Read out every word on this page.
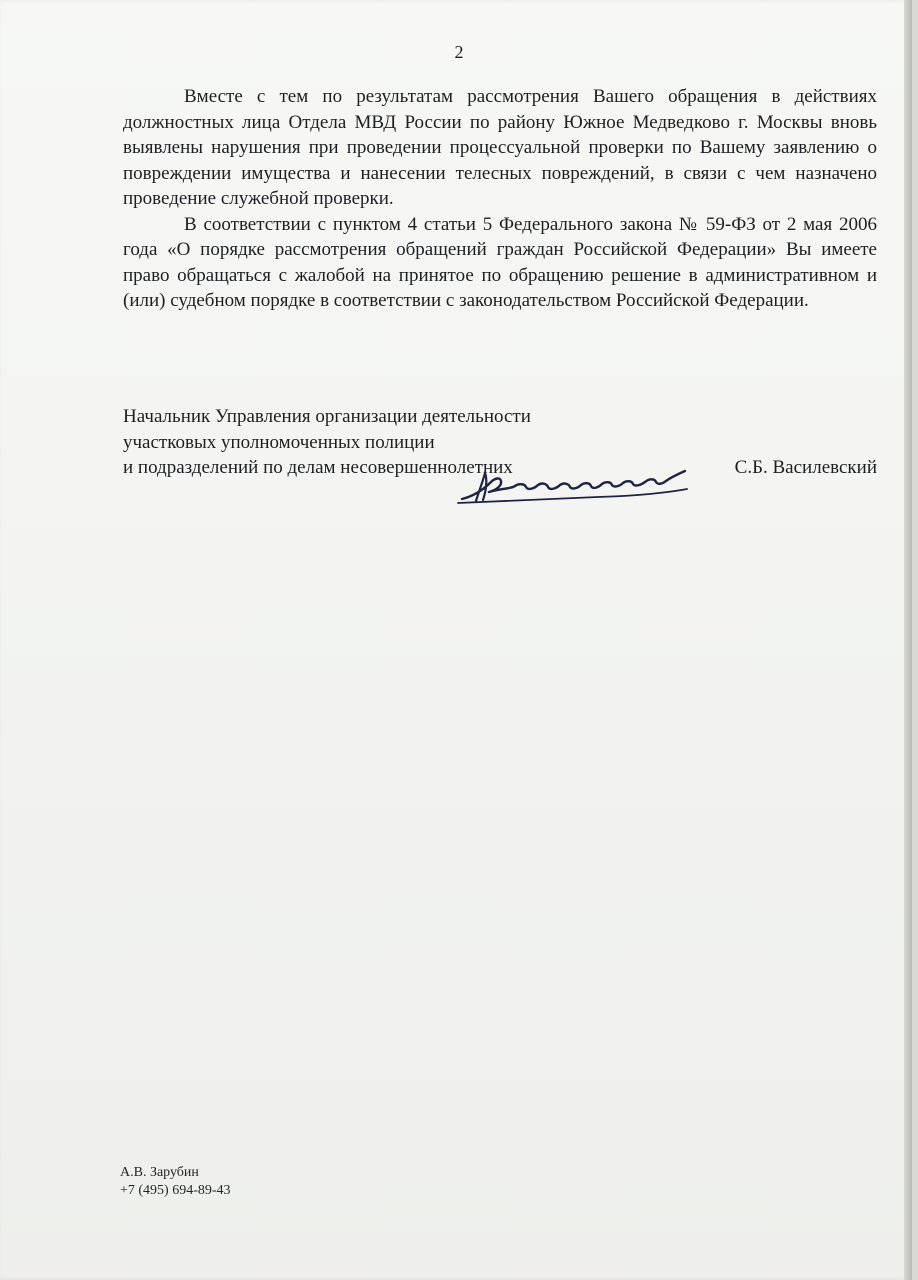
2

Вместе с тем по результатам рассмотрения Вашего обращения в действиях должностных лица Отдела МВД России по району Южное Медведково г. Москвы вновь выявлены нарушения при проведении процессуальной проверки по Вашему заявлению о повреждении имущества и нанесении телесных повреждений, в связи с чем назначено проведение служебной проверки.

В соответствии с пунктом 4 статьи 5 Федерального закона № 59-ФЗ от 2 мая 2006 года «О порядке рассмотрения обращений граждан Российской Федерации» Вы имеете право обращаться с жалобой на принятое по обращению решение в административном и (или) судебном порядке в соответствии с законодательством Российской Федерации.

Начальник Управления организации деятельности
участковых уполномоченных полиции
и подразделений по делам несовершеннолетних	С.Б. Василевский
А.В. Зарубин
+7 (495) 694-89-43
